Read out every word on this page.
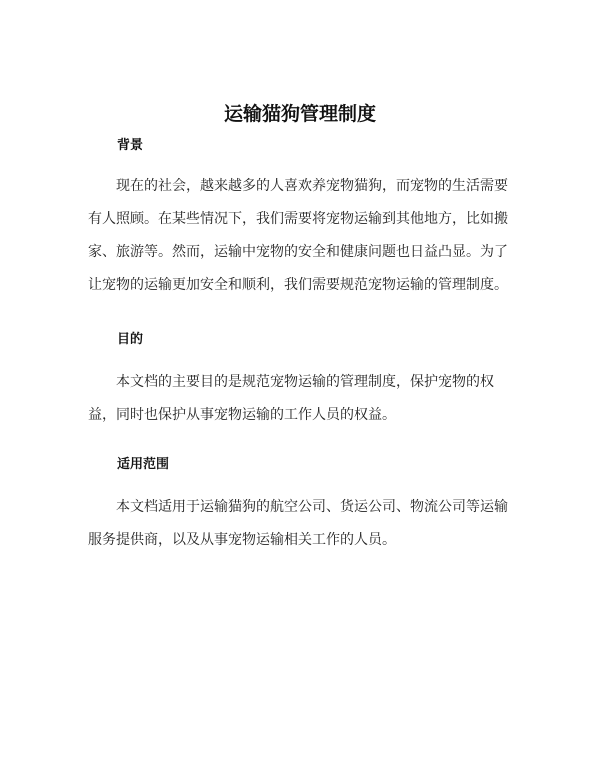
运输猫狗管理制度
背景

现在的社会，越来越多的人喜欢养宠物猫狗，而宠物的生活需要有人照顾。在某些情况下，我们需要将宠物运输到其他地方，比如搬家、旅游等。然而，运输中宠物的安全和健康问题也日益凸显。为了让宠物的运输更加安全和顺利，我们需要规范宠物运输的管理制度。

目的

本文档的主要目的是规范宠物运输的管理制度，保护宠物的权益，同时也保护从事宠物运输的工作人员的权益。

适用范围

本文档适用于运输猫狗的航空公司、货运公司、物流公司等运输服务提供商，以及从事宠物运输相关工作的人员。
